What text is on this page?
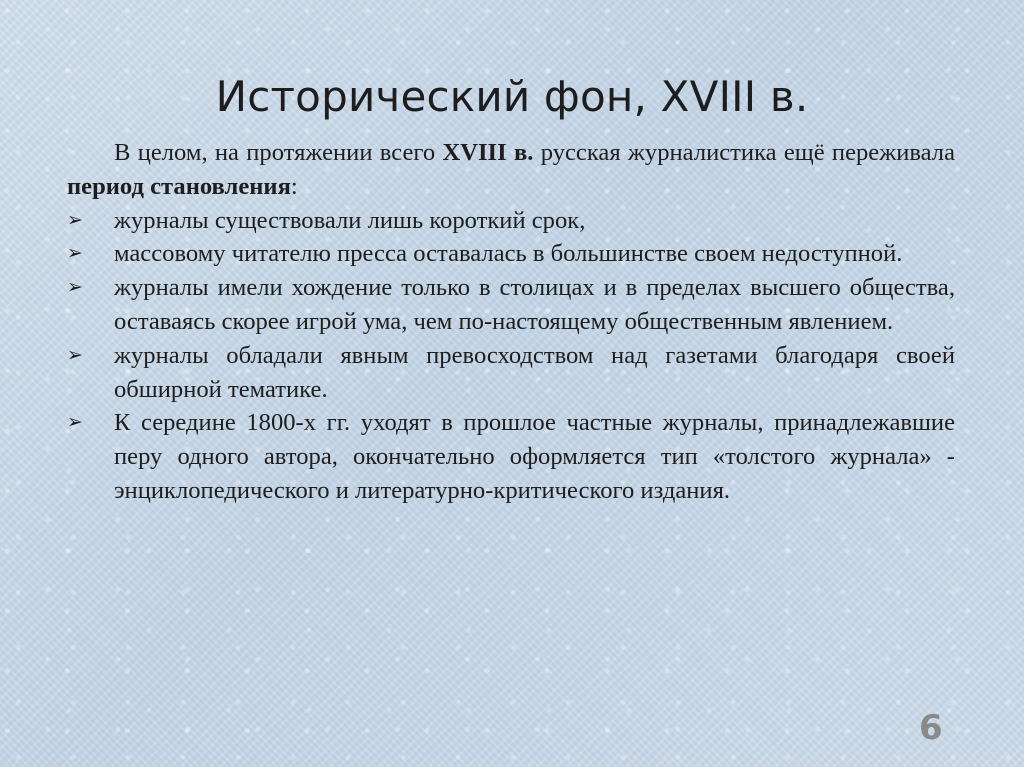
Исторический фон, XVIII в.

В целом, на протяжении всего XVIII в. русская журналистика ещё переживала период становления:

➢ журналы существовали лишь короткий срок,
➢ массовому читателю пресса оставалась в большинстве своем недоступной.
➢ журналы имели хождение только в столицах и в пределах высшего общества, оставаясь скорее игрой ума, чем по-настоящему общественным явлением.
➢ журналы обладали явным превосходством над газетами благодаря своей обширной тематике.
➢ К середине 1800-х гг. уходят в прошлое частные журналы, принадлежавшие перу одного автора, окончательно оформляется тип «толстого журнала» - энциклопедического и литературно-критического издания.
6
